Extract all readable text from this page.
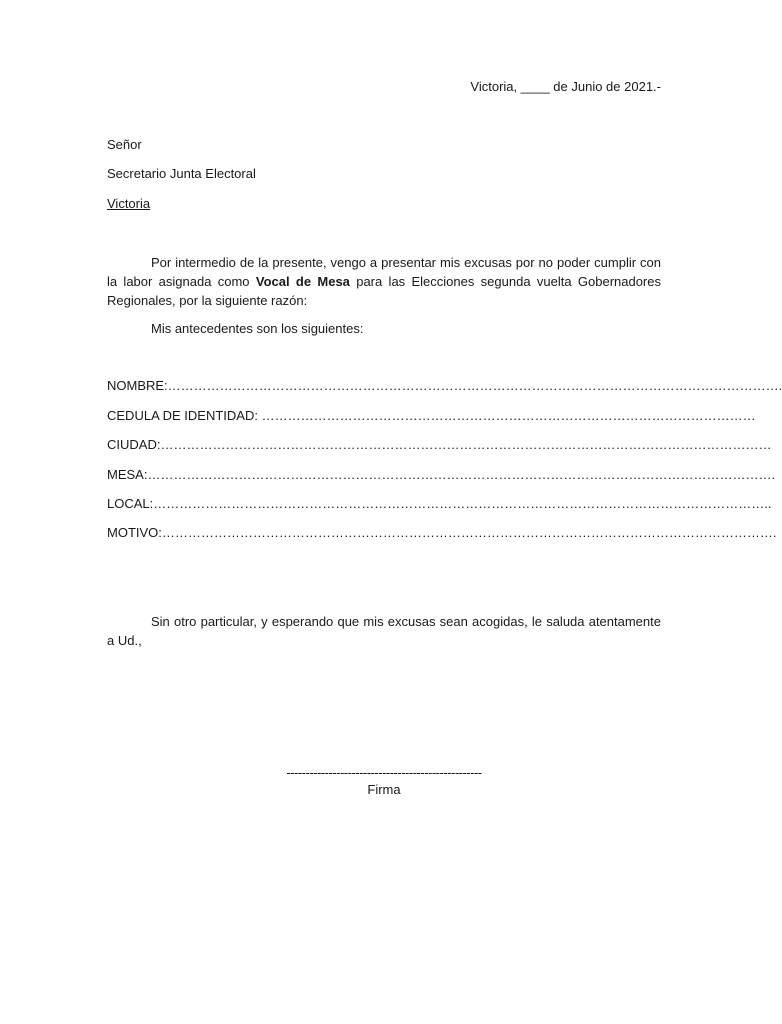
Victoria, ____ de Junio de 2021.-
Señor
Secretario Junta Electoral
Victoria
Por intermedio de la presente, vengo a presentar mis excusas por no poder cumplir con la labor asignada como Vocal de Mesa para las Elecciones segunda vuelta Gobernadores Regionales, por la siguiente razón:
Mis antecedentes son los siguientes:
NOMBRE:…………………………………………………………………………………………………………………………….
CEDULA DE IDENTIDAD: ……………………………………………………………………………………………………
CIUDAD:……………………………………………………………………………………………………………………………
MESA:……………………………………………………………………………………………………………………………….
LOCAL:……………………………………………………………………………………………………………………………..
MOTIVO:…………………………………………………………………………………………………………………………….
Sin otro particular, y esperando que mis excusas sean acogidas, le saluda atentamente a Ud.,
---------------------------------------------------
Firma
